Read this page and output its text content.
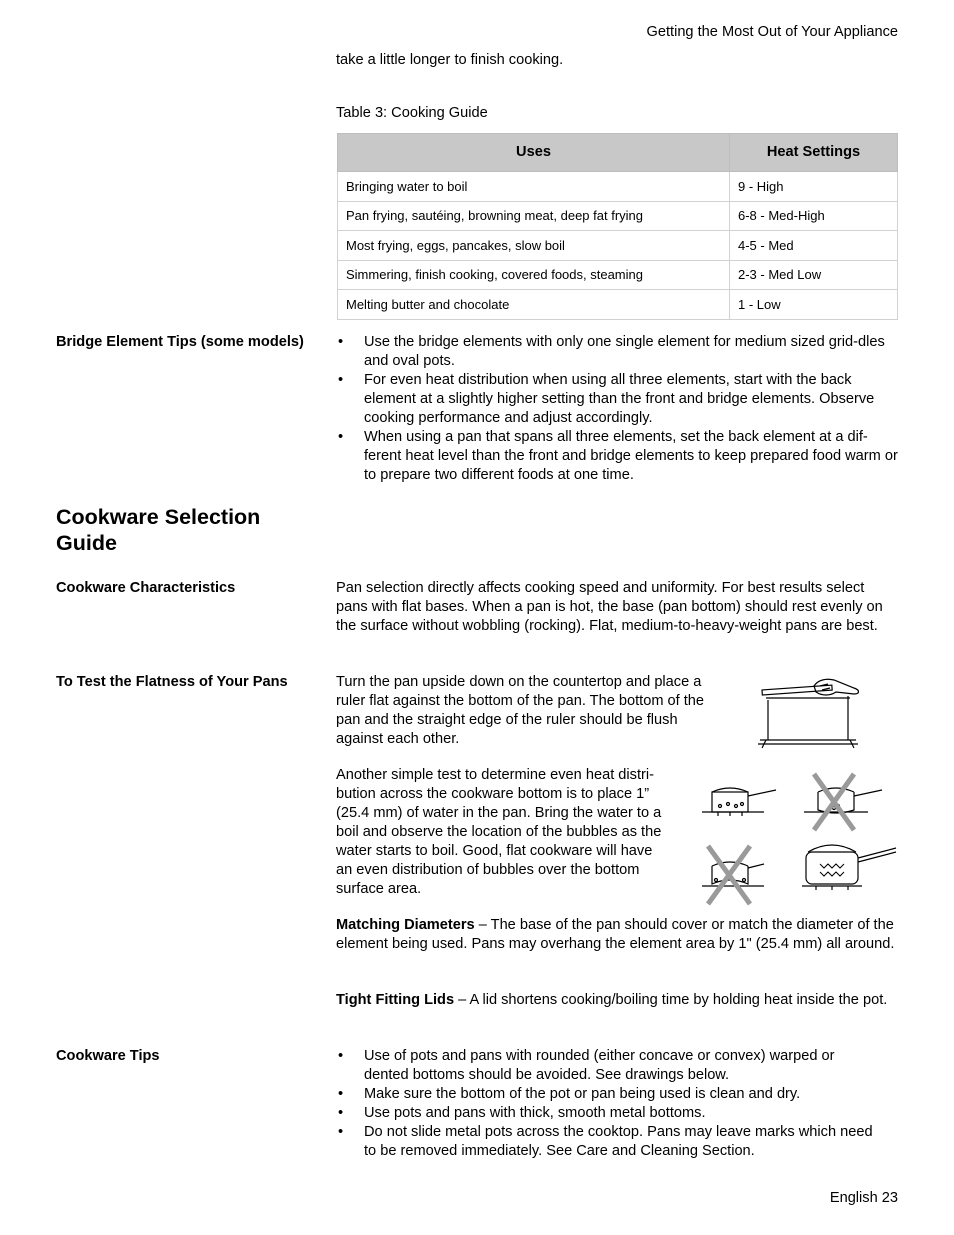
Getting the Most Out of Your Appliance
take a little longer to finish cooking.
Table 3: Cooking Guide
Uses	Heat Settings
Bringing water to boil	9 - High
Pan frying, sautéing, browning meat, deep fat frying	6-8 - Med-High
Most frying, eggs, pancakes, slow boil	4-5 - Med
Simmering, finish cooking, covered foods, steaming	2-3 - Med Low
Melting butter and chocolate	1 - Low
Bridge Element Tips (some models)	• Use the bridge elements with only one single element for medium sized grid-dles and oval pots.
• For even heat distribution when using all three elements, start with the back element at a slightly higher setting than the front and bridge elements. Observe cooking performance and adjust accordingly.
• When using a pan that spans all three elements, set the back element at a dif-ferent heat level than the front and bridge elements to keep prepared food warm or to prepare two different foods at one time.
Cookware Selection
Guide
Cookware Characteristics	Pan selection directly affects cooking speed and uniformity. For best results select pans with flat bases. When a pan is hot, the base (pan bottom) should rest evenly on the surface without wobbling (rocking). Flat, medium-to-heavy-weight pans are best.
To Test the Flatness of Your Pans	Turn the pan upside down on the countertop and place a
ruler flat against the bottom of the pan. The bottom of the
pan and the straight edge of the ruler should be flush
against each other.
Another simple test to determine even heat distri-
bution across the cookware bottom is to place 1”
(25.4 mm) of water in the pan. Bring the water to a
boil and observe the location of the bubbles as the
water starts to boil. Good, flat cookware will have
an even distribution of bubbles over the bottom
surface area.
Matching Diameters – The base of the pan should cover or match the diameter of the element being used. Pans may overhang the element area by 1" (25.4 mm) all around.
Tight Fitting Lids – A lid shortens cooking/boiling time by holding heat inside the pot.
Cookware Tips	• Use of pots and pans with rounded (either concave or convex) warped or dented bottoms should be avoided. See drawings below.
• Make sure the bottom of the pot or pan being used is clean and dry.
• Use pots and pans with thick, smooth metal bottoms.
• Do not slide metal pots across the cooktop. Pans may leave marks which need to be removed immediately. See Care and Cleaning Section.
English 23
